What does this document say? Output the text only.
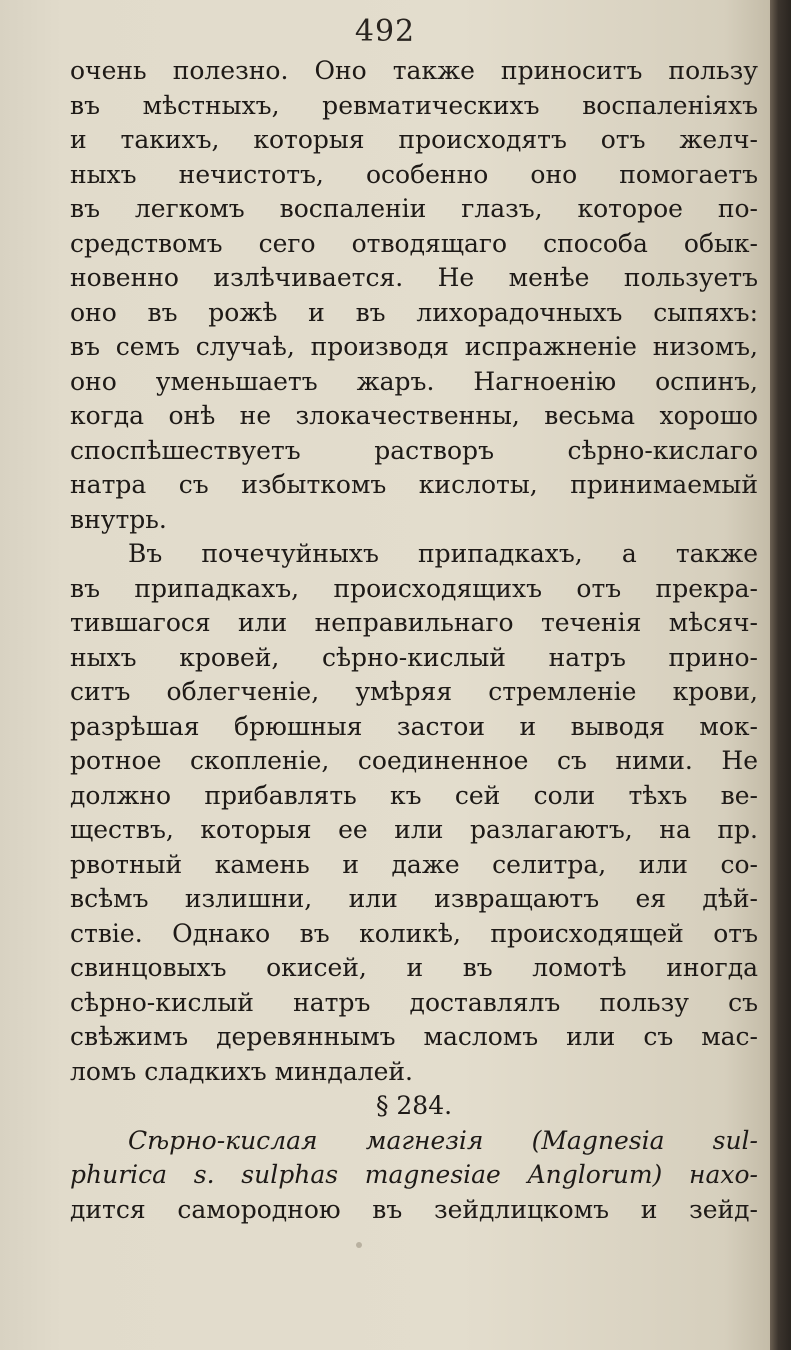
492
очень полезно. Оно также приноситъ пользу
въ мѣстныхъ, ревматическихъ воспаленіяхъ
и такихъ, которыя происходятъ отъ желч-
ныхъ нечистотъ, особенно оно помогаетъ
въ легкомъ воспаленіи глазъ, которое по-
средствомъ сего отводящаго способа обык-
новенно излѣчивается. Не менѣе пользуетъ
оно въ рожѣ и въ лихорадочныхъ сыпяхъ:
въ семъ случаѣ, производя испражненіе низомъ,
оно уменьшаетъ жаръ. Нагноенію оспинъ,
когда онѣ не злокачественны, весьма хорошо
споспѣшествуетъ растворъ сѣрно-кислаго
натра съ избыткомъ кислоты, принимаемый
внутрь.
Въ почечуйныхъ припадкахъ, а также
въ припадкахъ, происходящихъ отъ прекра-
тившагося или неправильнаго теченія мѣсяч-
ныхъ кровей, сѣрно-кислый натръ прино-
ситъ облегченіе, умѣряя стремленіе крови,
разрѣшая брюшныя застои и выводя мок-
ротное скопленіе, соединенное съ ними. Не
должно прибавлять къ сей соли тѣхъ ве-
ществъ, которыя ее или разлагаютъ, на пр.
рвотный камень и даже селитра, или со-
всѣмъ излишни, или извращаютъ ея дѣй-
ствіе. Однако въ коликѣ, происходящей отъ
свинцовыхъ окисей, и въ ломотѣ иногда
сѣрно-кислый натръ доставлялъ пользу съ
свѣжимъ деревяннымъ масломъ или съ мас-
ломъ сладкихъ миндалей.
§ 284.
Сѣрно-кислая магнезія (Magnesia sul-
phurica s. sulphas magnesiae Anglorum) нахо-
дится самородною въ зейдлицкомъ и зейд-
